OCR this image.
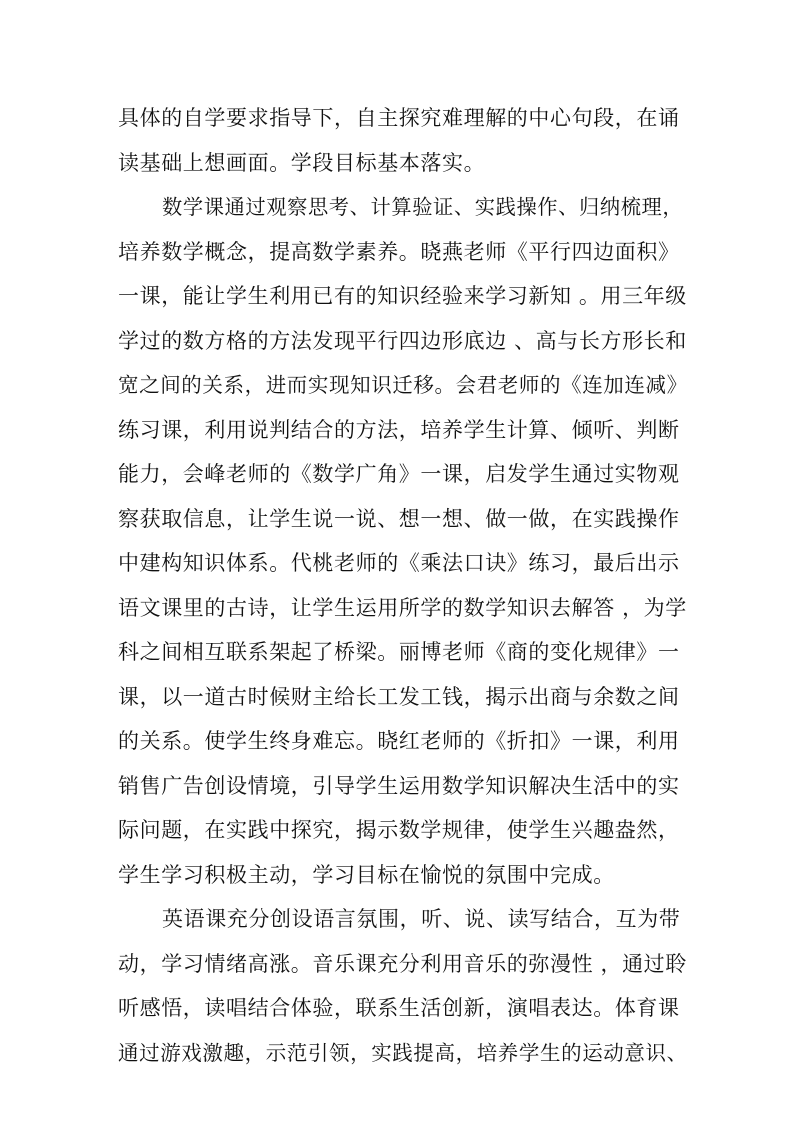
具体的自学要求指导下，自主探究难理解的中心句段，在诵
读基础上想画面。学段目标基本落实。
数学课通过观察思考、计算验证、实践操作、归纳梳理，
培养数学概念，提高数学素养。晓燕老师《平行四边面积》
一课，能让学生利用已有的知识经验来学习新知 。用三年级
学过的数方格的方法发现平行四边形底边 、高与长方形长和
宽之间的关系，进而实现知识迁移。会君老师的《连加连减》
练习课，利用说判结合的方法，培养学生计算、倾听、判断
能力，会峰老师的《数学广角》一课，启发学生通过实物观
察获取信息，让学生说一说、想一想、做一做，在实践操作
中建构知识体系。代桃老师的《乘法口诀》练习，最后出示
语文课里的古诗，让学生运用所学的数学知识去解答 ，为学
科之间相互联系架起了桥梁。丽博老师《商的变化规律》一
课，以一道古时候财主给长工发工钱，揭示出商与余数之间
的关系。使学生终身难忘。晓红老师的《折扣》一课，利用
销售广告创设情境，引导学生运用数学知识解决生活中的实
际问题，在实践中探究，揭示数学规律，使学生兴趣盎然，
学生学习积极主动，学习目标在愉悦的氛围中完成。
英语课充分创设语言氛围，听、说、读写结合，互为带
动，学习情绪高涨。音乐课充分利用音乐的弥漫性 ，通过聆
听感悟，读唱结合体验，联系生活创新，演唱表达。体育课
通过游戏激趣，示范引领，实践提高，培养学生的运动意识、
